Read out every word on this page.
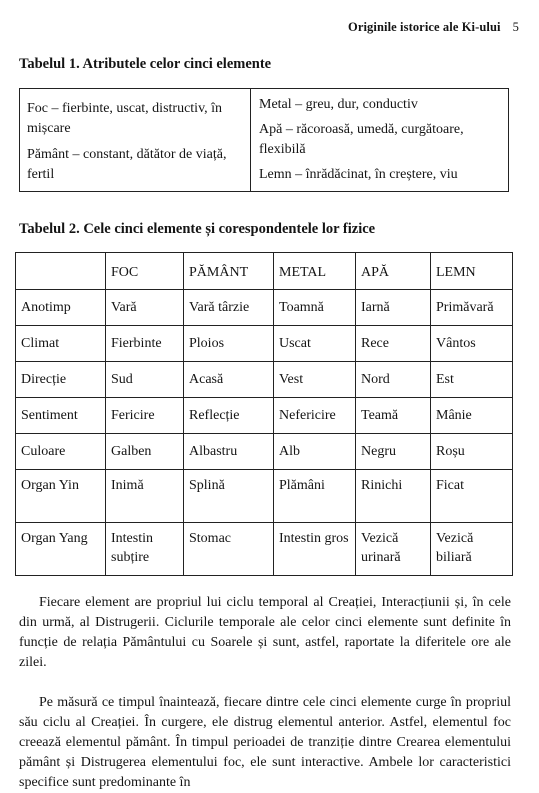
Originile istorice ale Ki-ului 5
Tabelul 1. Atributele celor cinci elemente
Foc – fierbinte, uscat, distructiv, în mișcare
Pământ – constant, dătător de viață, fertil
Metal – greu, dur, conductiv
Apă – răcoroasă, umedă, curgătoare, flexibilă
Lemn – înrădăcinat, în creștere, viu
Tabelul 2. Cele cinci elemente și corespondentele lor fizice
	FOC	PĂMÂNT	METAL	APĂ	LEMN
Anotimp	Vară	Vară târzie	Toamnă	Iarnă	Primăvară
Climat	Fierbinte	Ploios	Uscat	Rece	Vântos
Direcție	Sud	Acasă	Vest	Nord	Est
Sentiment	Fericire	Reflecție	Nefericire	Teamă	Mânie
Culoare	Galben	Albastru	Alb	Negru	Roșu
Organ Yin	Inimă	Splină	Plămâni	Rinichi	Ficat
Organ Yang	Intestin subțire	Stomac	Intestin gros	Vezică urinară	Vezică biliară

Fiecare element are propriul lui ciclu temporal al Creației, Interacțiunii și, în cele din urmă, al Distrugerii. Ciclurile temporale ale celor cinci elemente sunt definite în funcție de relația Pământului cu Soarele și sunt, astfel, raportate la diferitele ore ale zilei.

Pe măsură ce timpul înaintează, fiecare dintre cele cinci elemente curge în propriul său ciclu al Creației. În curgere, ele distrug elementul anterior. Astfel, elementul foc creează elementul pământ. În timpul perioadei de tranziție dintre Crearea elementului pământ și Distrugerea elementului foc, ele sunt interactive. Ambele lor caracteristici specifice sunt predominante în
